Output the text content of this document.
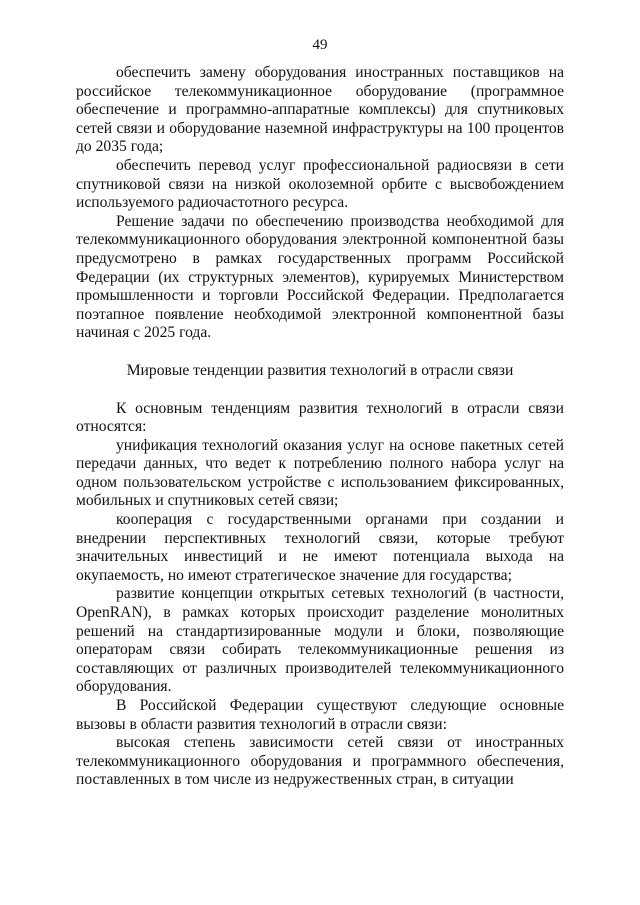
49

обеспечить замену оборудования иностранных поставщиков на российское телекоммуникационное оборудование (программное обеспечение и программно-аппаратные комплексы) для спутниковых сетей связи и оборудование наземной инфраструктуры на 100 процентов до 2035 года;

обеспечить перевод услуг профессиональной радиосвязи в сети спутниковой связи на низкой околоземной орбите с высвобождением используемого радиочастотного ресурса.

Решение задачи по обеспечению производства необходимой для телекоммуникационного оборудования электронной компонентной базы предусмотрено в рамках государственных программ Российской Федерации (их структурных элементов), курируемых Министерством промышленности и торговли Российской Федерации. Предполагается поэтапное появление необходимой электронной компонентной базы начиная с 2025 года.

Мировые тенденции развития технологий в отрасли связи

К основным тенденциям развития технологий в отрасли связи относятся:

унификация технологий оказания услуг на основе пакетных сетей передачи данных, что ведет к потреблению полного набора услуг на одном пользовательском устройстве с использованием фиксированных, мобильных и спутниковых сетей связи;

кооперация с государственными органами при создании и внедрении перспективных технологий связи, которые требуют значительных инвестиций и не имеют потенциала выхода на окупаемость, но имеют стратегическое значение для государства;

развитие концепции открытых сетевых технологий (в частности, OpenRAN), в рамках которых происходит разделение монолитных решений на стандартизированные модули и блоки, позволяющие операторам связи собирать телекоммуникационные решения из составляющих от различных производителей телекоммуникационного оборудования.

В Российской Федерации существуют следующие основные вызовы в области развития технологий в отрасли связи:

высокая степень зависимости сетей связи от иностранных телекоммуникационного оборудования и программного обеспечения, поставленных в том числе из недружественных стран, в ситуации
